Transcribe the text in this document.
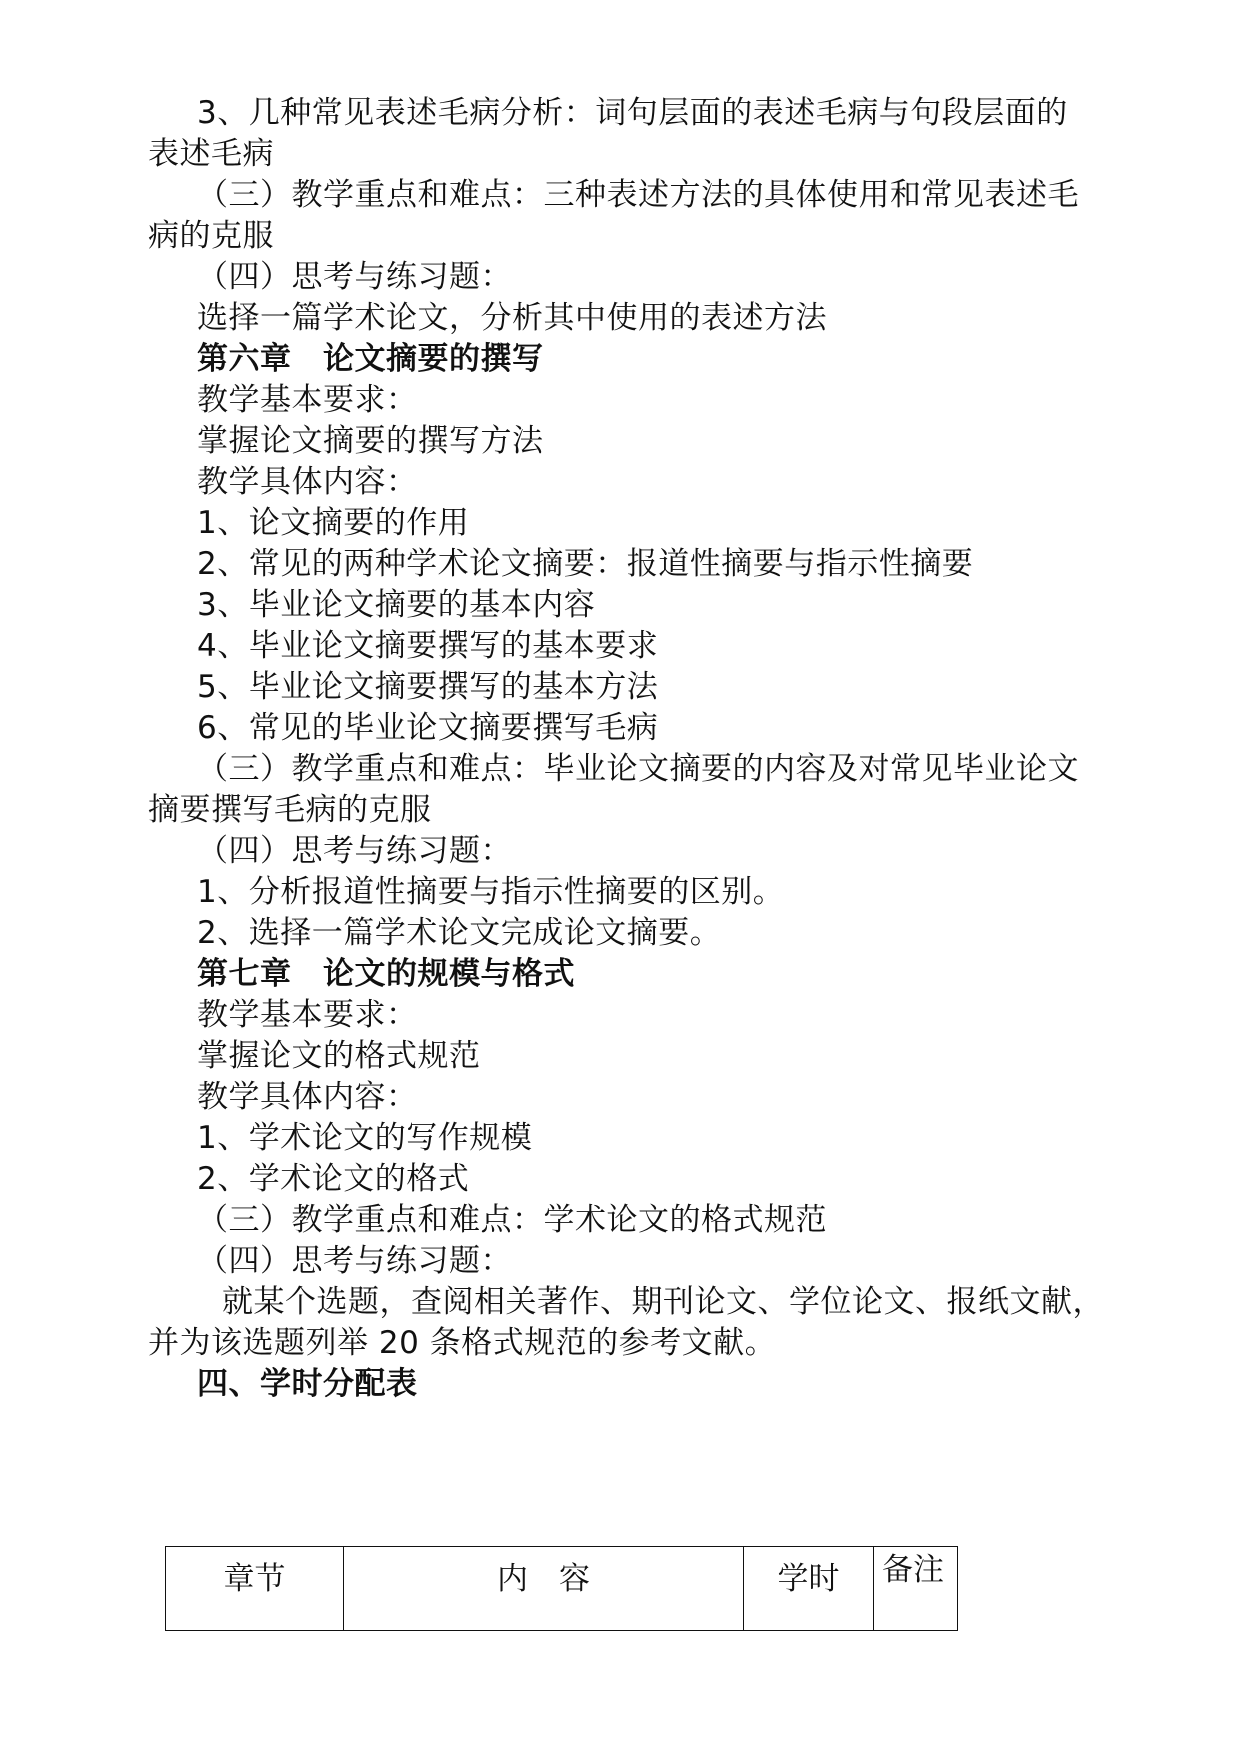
3、几种常见表述毛病分析：词句层面的表述毛病与句段层面的
表述毛病
（三）教学重点和难点：三种表述方法的具体使用和常见表述毛
病的克服
（四）思考与练习题：
选择一篇学术论文，分析其中使用的表述方法
第六章　论文摘要的撰写
教学基本要求：
掌握论文摘要的撰写方法
教学具体内容：
1、论文摘要的作用
2、常见的两种学术论文摘要：报道性摘要与指示性摘要
3、毕业论文摘要的基本内容
4、毕业论文摘要撰写的基本要求
5、毕业论文摘要撰写的基本方法
6、常见的毕业论文摘要撰写毛病
（三）教学重点和难点：毕业论文摘要的内容及对常见毕业论文
摘要撰写毛病的克服
（四）思考与练习题：
1、分析报道性摘要与指示性摘要的区别。
2、选择一篇学术论文完成论文摘要。
第七章　论文的规模与格式
教学基本要求：
掌握论文的格式规范
教学具体内容：
1、学术论文的写作规模
2、学术论文的格式
（三）教学重点和难点：学术论文的格式规范
（四）思考与练习题：
就某个选题，查阅相关著作、期刊论文、学位论文、报纸文献，
并为该选题列举 20 条格式规范的参考文献。
四、学时分配表
章节	内　容	学时	备注
